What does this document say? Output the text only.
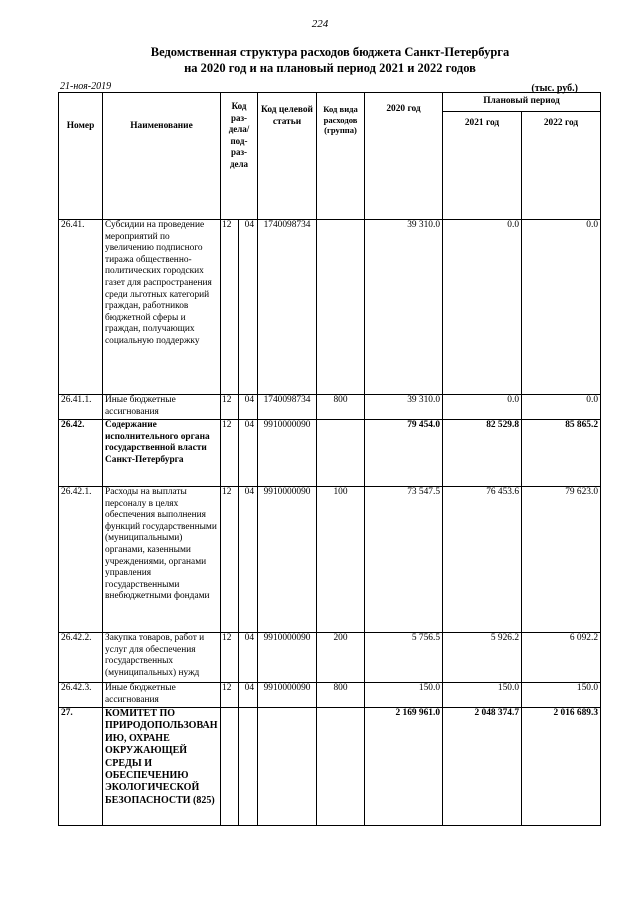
224
Ведомственная структура расходов бюджета Санкт-Петербурга
на 2020 год и на плановый период 2021 и 2022 годов
21-ноя-2019	(тыс. руб.)
Номер	Наименование	Код раз-дела/ под-раз-дела		Код целевой статьи	Код вида расходов (группа)	2020 год	Плановый период	
							2021 год	2022 год
26.41.	Субсидии на проведение мероприятий по увеличению подписного тиража общественно-политических городских газет для распространения среди льготных категорий граждан, работников бюджетной сферы и граждан, получающих социальную поддержку	12	04	1740098734		39 310.0	0.0	0.0
26.41.1.	Иные бюджетные ассигнования	12	04	1740098734	800	39 310.0	0.0	0.0
26.42.	Содержание исполнительного органа государственной власти Санкт-Петербурга	12	04	9910000090		79 454.0	82 529.8	85 865.2
26.42.1.	Расходы на выплаты персоналу в целях обеспечения выполнения функций государственными (муниципальными) органами, казенными учреждениями, органами управления государственными внебюджетными фондами	12	04	9910000090	100	73 547.5	76 453.6	79 623.0
26.42.2.	Закупка товаров, работ и услуг для обеспечения государственных (муниципальных) нужд	12	04	9910000090	200	5 756.5	5 926.2	6 092.2
26.42.3.	Иные бюджетные ассигнования	12	04	9910000090	800	150.0	150.0	150.0
27.	КОМИТЕТ ПО ПРИРОДОПОЛЬЗОВАНИЮ, ОХРАНЕ ОКРУЖАЮЩЕЙ СРЕДЫ И ОБЕСПЕЧЕНИЮ ЭКОЛОГИЧЕСКОЙ БЕЗОПАСНОСТИ (825)					2 169 961.0	2 048 374.7	2 016 689.3
